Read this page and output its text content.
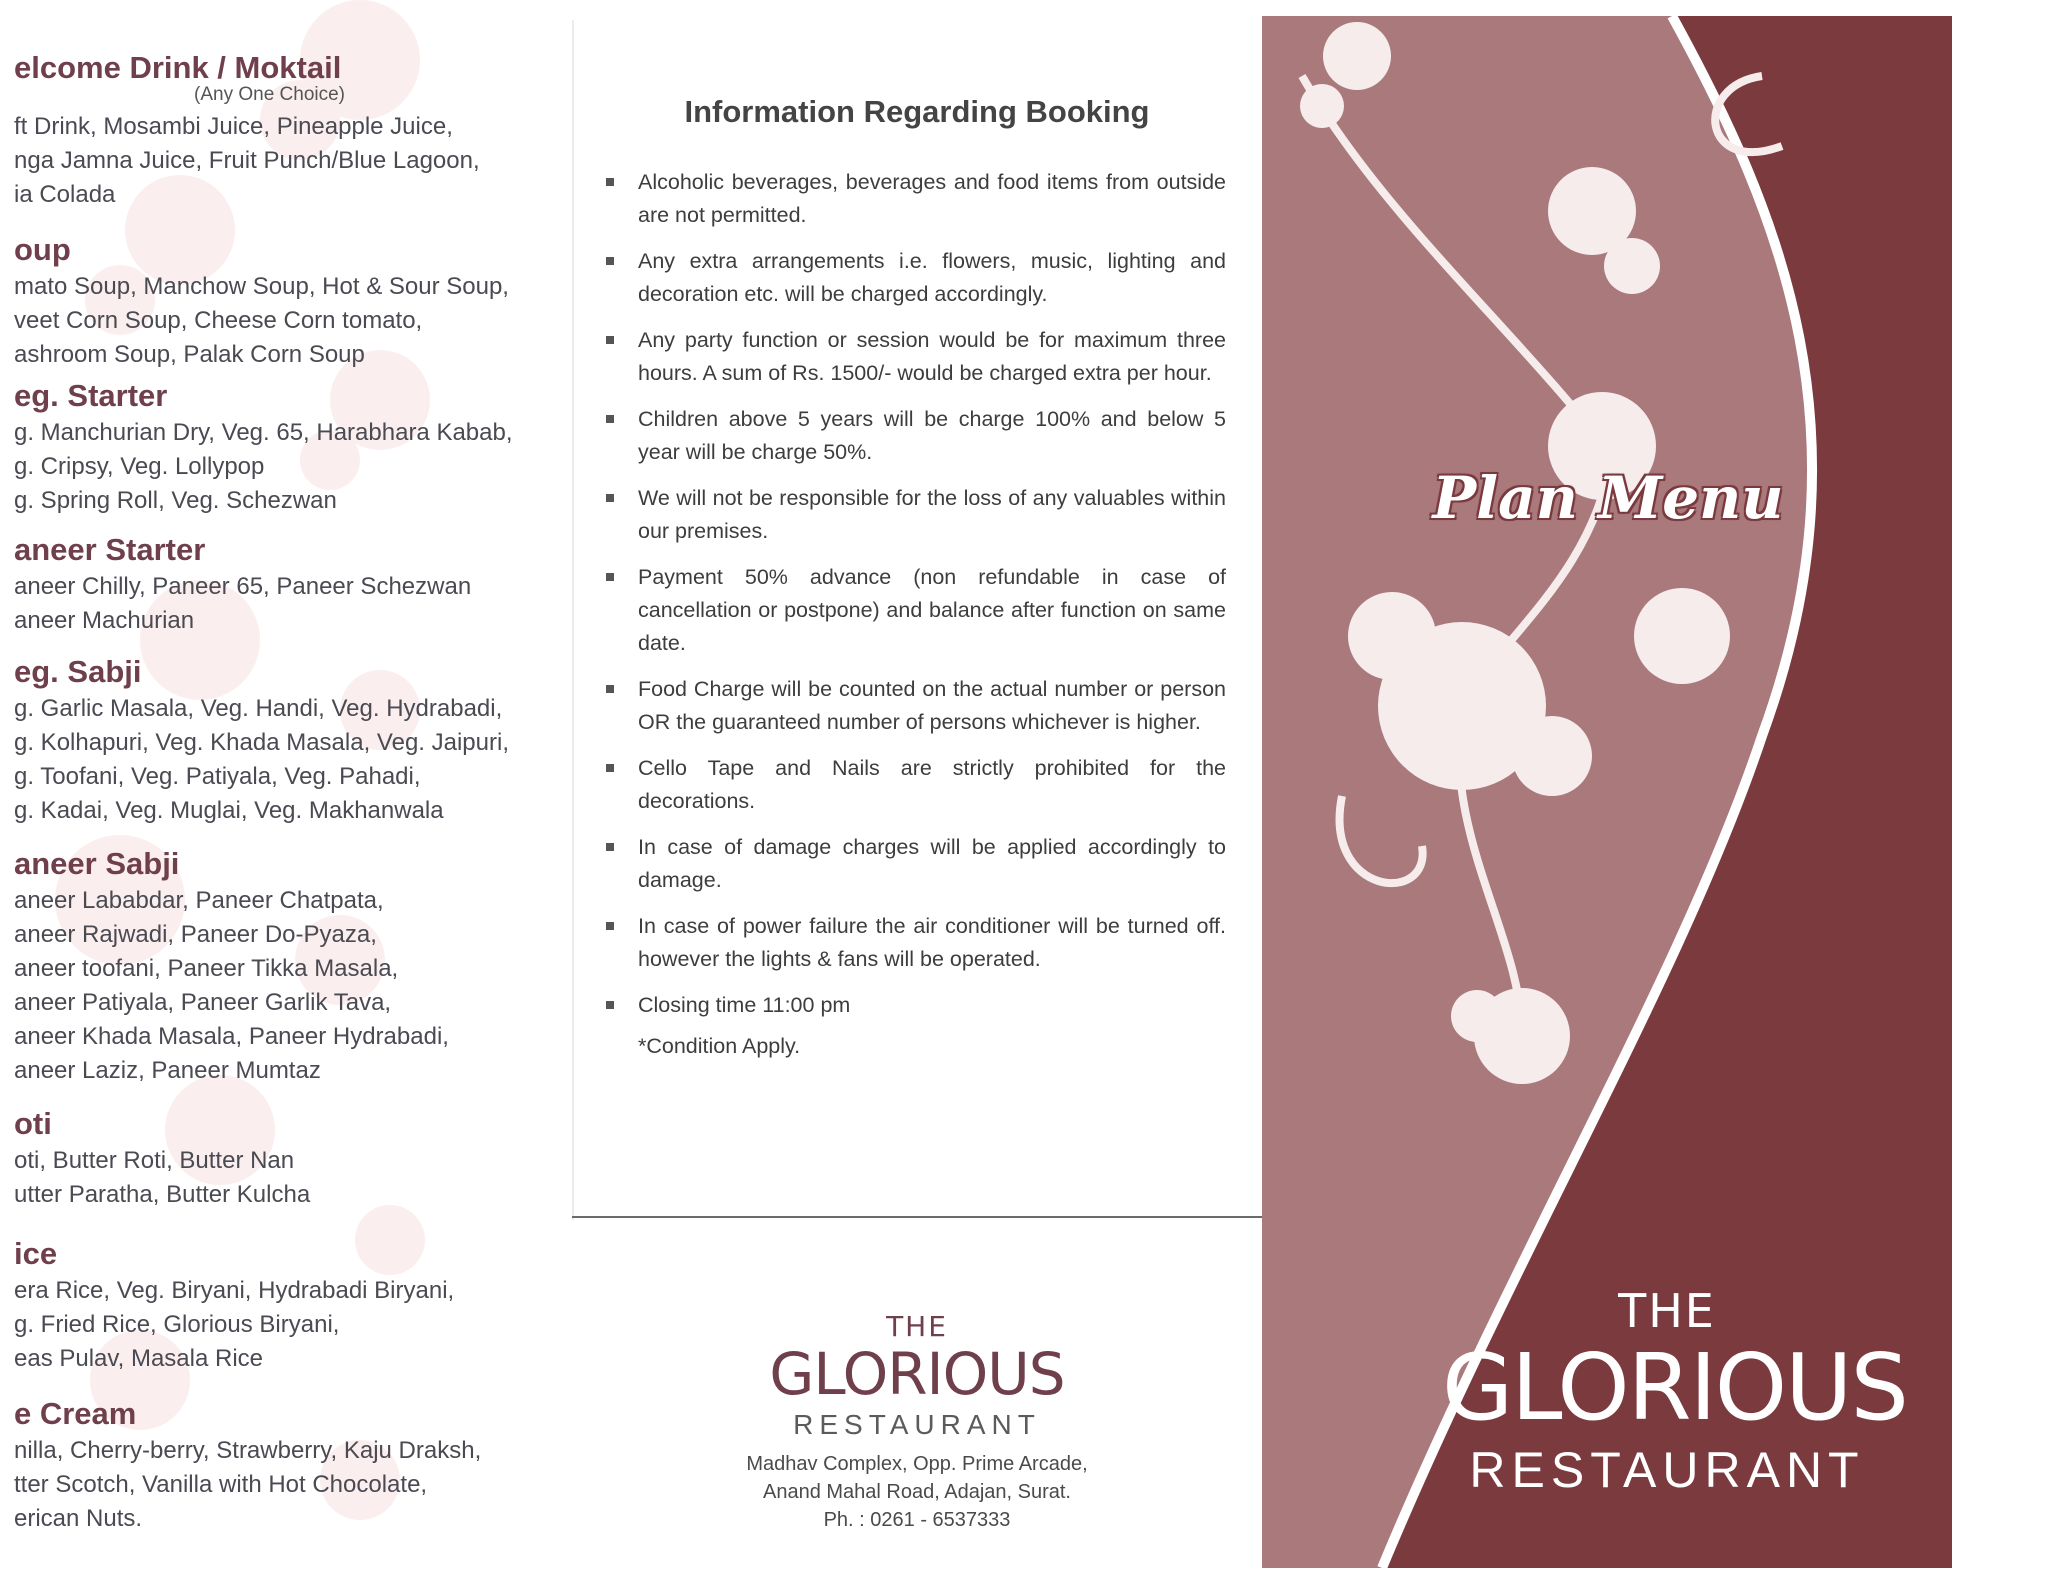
elcome Drink / Moktail

(Any One Choice)

ft Drink, Mosambi Juice, Pineapple Juice,

nga Jamna Juice, Fruit Punch/Blue Lagoon,

ia Colada

oup

mato Soup, Manchow Soup, Hot & Sour Soup,

veet Corn Soup, Cheese Corn tomato,

ashroom Soup, Palak Corn Soup

eg. Starter

g. Manchurian Dry, Veg. 65, Harabhara Kabab,

g. Cripsy, Veg. Lollypop

g. Spring Roll, Veg. Schezwan

aneer Starter

aneer Chilly, Paneer 65, Paneer Schezwan

aneer Machurian

eg. Sabji

g. Garlic Masala, Veg. Handi, Veg. Hydrabadi,

g. Kolhapuri, Veg. Khada Masala, Veg. Jaipuri,

g. Toofani, Veg. Patiyala, Veg. Pahadi,

g. Kadai, Veg. Muglai, Veg. Makhanwala

aneer Sabji

aneer Lababdar, Paneer Chatpata,

aneer Rajwadi, Paneer Do-Pyaza,

aneer toofani, Paneer Tikka Masala,

aneer Patiyala, Paneer Garlik Tava,

aneer Khada Masala, Paneer Hydrabadi,

aneer Laziz, Paneer Mumtaz

oti

oti, Butter Roti, Butter Nan

utter Paratha, Butter Kulcha

ice

era Rice, Veg. Biryani, Hydrabadi Biryani,

g. Fried Rice, Glorious Biryani,

eas Pulav, Masala Rice

e Cream

nilla, Cherry-berry, Strawberry, Kaju Draksh,

tter Scotch, Vanilla with Hot Chocolate,

erican Nuts.

Information Regarding Booking
Alcoholic beverages, beverages and food items from outside are not permitted.
Any extra arrangements i.e. flowers, music, lighting and decoration etc. will be charged accordingly.
Any party function or session would be for maximum three hours. A sum of Rs. 1500/- would be charged extra per hour.
Children above 5 years will be charge 100% and below 5 year will be charge 50%.
We will not be responsible for the loss of any valuables within our premises.
Payment 50% advance (non refundable in case of cancellation or postpone) and balance after function on same date.
Food Charge will be counted on the actual number or person OR the guaranteed number of persons whichever is higher.
Cello Tape and Nails are strictly prohibited for the decorations.
In case of damage charges will be applied accordingly to damage.
In case of power failure the air conditioner will be turned off. however the lights & fans will be operated.
Closing time 11:00 pm

*Condition Apply.

THE
GLORIOUS
RESTAURANT

Madhav Complex, Opp. Prime Arcade,

Anand Mahal Road, Adajan, Surat.

Ph. : 0261 - 6537333

Plan Menu

THE
GLORIOUS
RESTAURANT
